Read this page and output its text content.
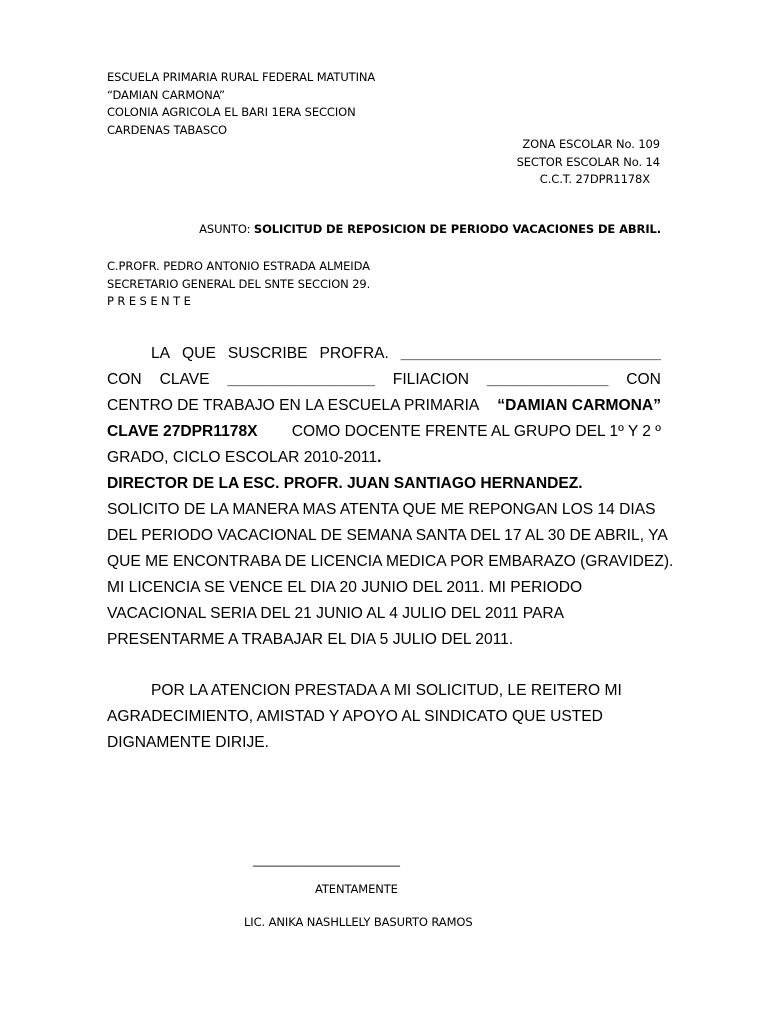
ESCUELA PRIMARIA RURAL FEDERAL MATUTINA
“DAMIAN CARMONA”
COLONIA AGRICOLA EL BARI 1ERA SECCION
CARDENAS TABASCO
ZONA ESCOLAR No. 109
SECTOR ESCOLAR No. 14
C.C.T. 27DPR1178X
ASUNTO: SOLICITUD DE REPOSICION DE PERIODO VACACIONES DE ABRIL.
C.PROFR. PEDRO ANTONIO ESTRADA ALMEIDA
SECRETARIO GENERAL DEL SNTE SECCION 29.
P R E S E N T E
LA QUE SUSCRIBE PROFRA. ______________________________
CON CLAVE _________________ FILIACION ______________ CON
CENTRO DE TRABAJO EN LA ESCUELA PRIMARIA “DAMIAN CARMONA”
CLAVE 27DPR1178X COMO DOCENTE FRENTE AL GRUPO DEL 1º Y 2 º
GRADO, CICLO ESCOLAR 2010-2011.
DIRECTOR DE LA ESC. PROFR. JUAN SANTIAGO HERNANDEZ.
SOLICITO DE LA MANERA MAS ATENTA QUE ME REPONGAN LOS 14 DIAS
DEL PERIODO VACACIONAL DE SEMANA SANTA DEL 17 AL 30 DE ABRIL, YA
QUE ME ENCONTRABA DE LICENCIA MEDICA POR EMBARAZO (GRAVIDEZ).
MI LICENCIA SE VENCE EL DIA 20 JUNIO DEL 2011. MI PERIODO
VACACIONAL SERIA DEL 21 JUNIO AL 4 JULIO DEL 2011 PARA
PRESENTARME A TRABAJAR EL DIA 5 JULIO DEL 2011.
POR LA ATENCION PRESTADA A MI SOLICITUD, LE REITERO MI
AGRADECIMIENTO, AMISTAD Y APOYO AL SINDICATO QUE USTED
DIGNAMENTE DIRIJE.
__________________________
ATENTAMENTE
LIC. ANIKA NASHLLELY BASURTO RAMOS
